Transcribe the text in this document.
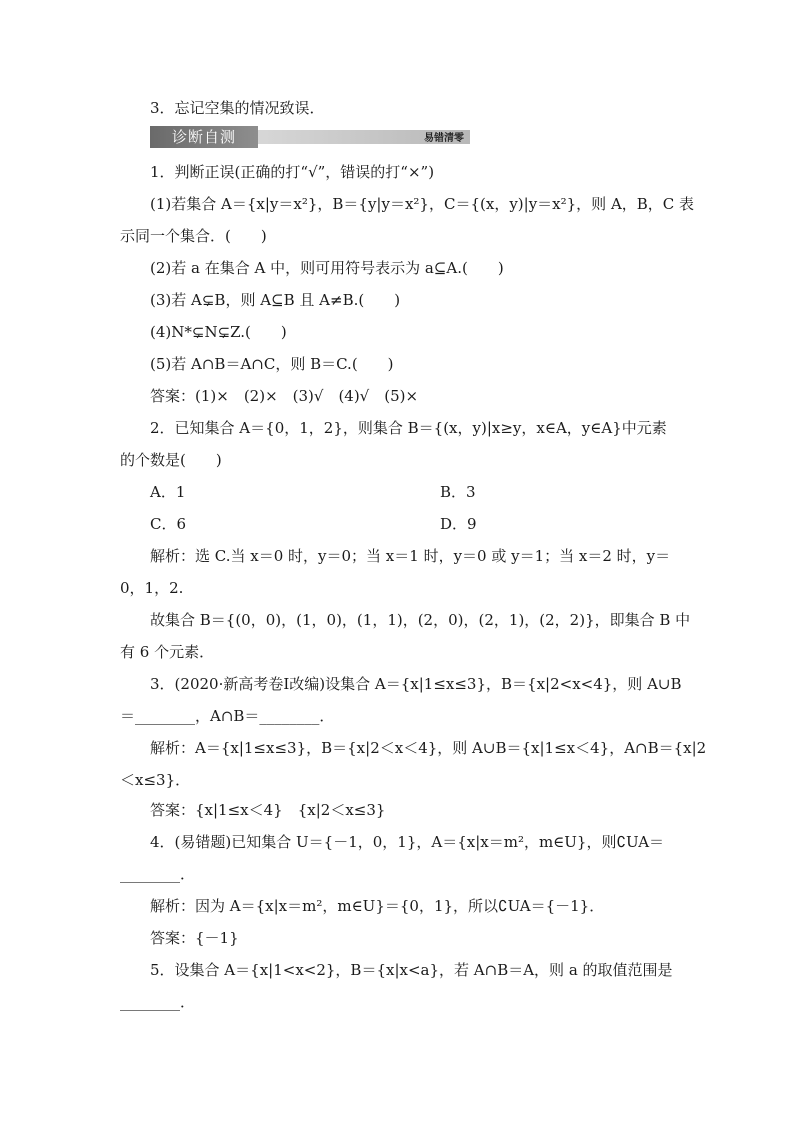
3．忘记空集的情况致误．
诊断自测	易错清零
1．判断正误(正确的打“√”，错误的打“×”)
(1)若集合 A＝{x|y＝x²}，B＝{y|y＝x²}，C＝{(x，y)|y＝x²}，则 A，B，C 表
示同一个集合．(　　)
(2)若 a 在集合 A 中，则可用符号表示为 a⊆A.(　　)
(3)若 A⊊B，则 A⊆B 且 A≠B.(　　)
(4)N*⊊N⊊Z.(　　)
(5)若 A∩B＝A∩C，则 B＝C.(　　)
答案：(1)×　(2)×　(3)√　(4)√　(5)×
2．已知集合 A＝{0，1，2}，则集合 B＝{(x，y)|x≥y，x∈A，y∈A}中元素
的个数是(　　)
A．1	B．3
C．6	D．9
解析：选 C.当 x＝0 时，y＝0；当 x＝1 时，y＝0 或 y＝1；当 x＝2 时，y＝
0，1，2.
故集合 B＝{(0，0)，(1，0)，(1，1)，(2，0)，(2，1)，(2，2)}，即集合 B 中
有 6 个元素．
3．(2020·新高考卷Ⅰ改编)设集合 A＝{x|1≤x≤3}，B＝{x|2<x<4}，则 A∪B
＝________，A∩B＝________．
解析：A＝{x|1≤x≤3}，B＝{x|2＜x＜4}，则 A∪B＝{x|1≤x＜4}，A∩B＝{x|2
＜x≤3}．
答案：{x|1≤x＜4}　{x|2＜x≤3}
4．(易错题)已知集合 U＝{－1，0，1}，A＝{x|x＝m²，m∈U}，则∁UA＝
________．
解析：因为 A＝{x|x＝m²，m∈U}＝{0，1}，所以∁UA＝{－1}．
答案：{－1}
5．设集合 A＝{x|1<x<2}，B＝{x|x<a}，若 A∩B＝A，则 a 的取值范围是
________．
